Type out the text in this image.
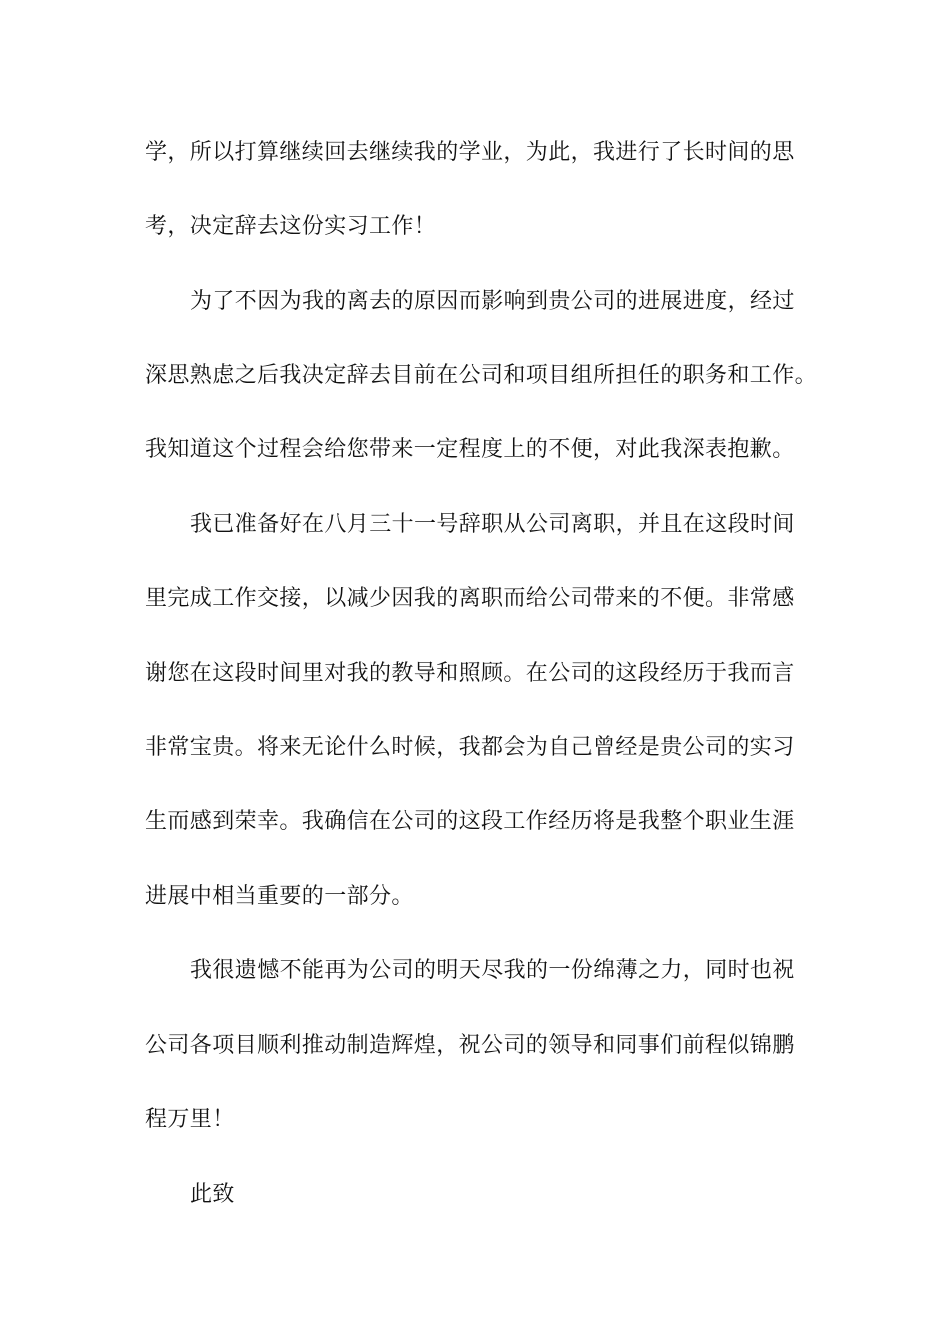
学，所以打算继续回去继续我的学业，为此，我进行了长时间的思

考，决定辞去这份实习工作！

为了不因为我的离去的原因而影响到贵公司的进展进度，经过

深思熟虑之后我决定辞去目前在公司和项目组所担任的职务和工作。

我知道这个过程会给您带来一定程度上的不便，对此我深表抱歉。

我已准备好在八月三十一号辞职从公司离职，并且在这段时间

里完成工作交接，以减少因我的离职而给公司带来的不便。非常感

谢您在这段时间里对我的教导和照顾。在公司的这段经历于我而言

非常宝贵。将来无论什么时候，我都会为自己曾经是贵公司的实习

生而感到荣幸。我确信在公司的这段工作经历将是我整个职业生涯

进展中相当重要的一部分。

我很遗憾不能再为公司的明天尽我的一份绵薄之力，同时也祝

公司各项目顺利推动制造辉煌，祝公司的领导和同事们前程似锦鹏

程万里！

此致
